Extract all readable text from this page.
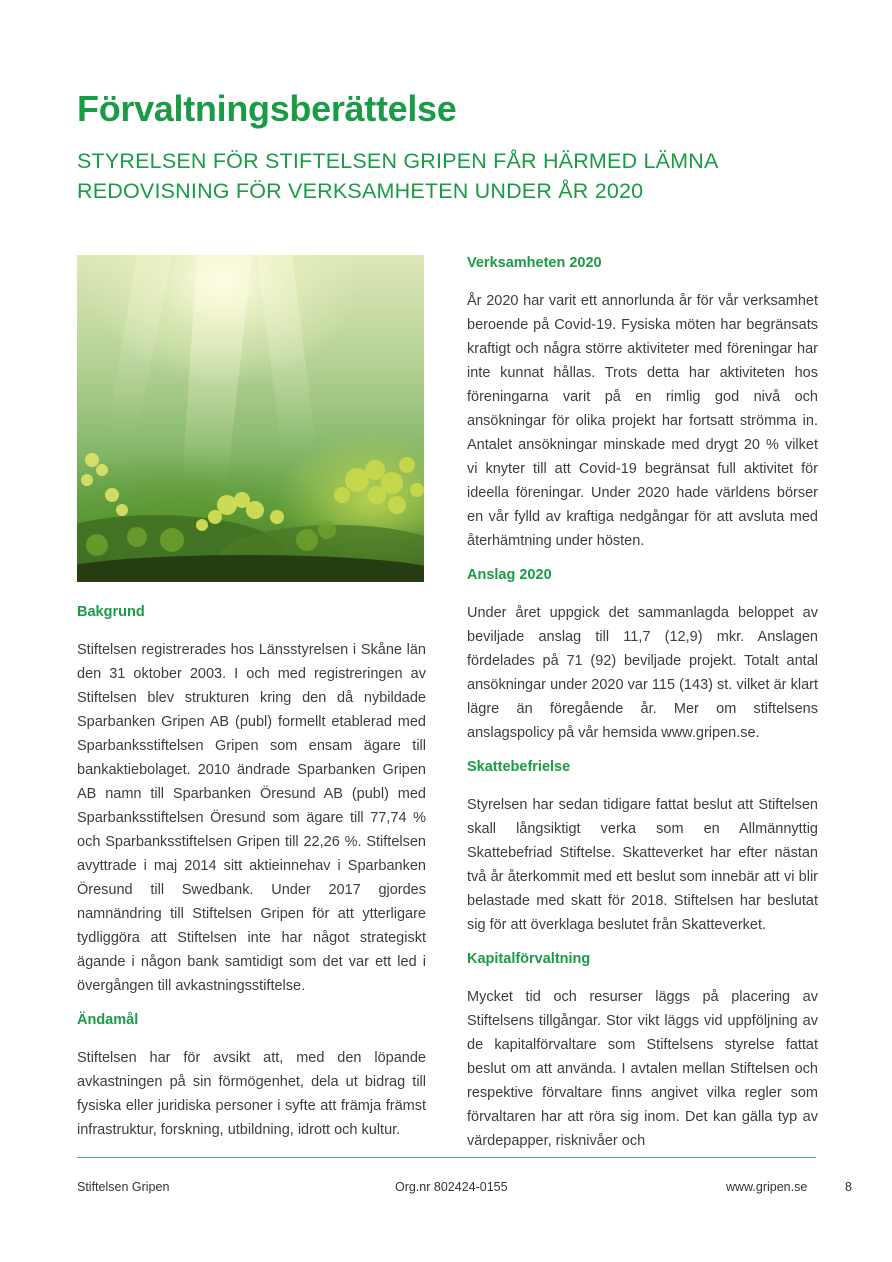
Förvaltningsberättelse
STYRELSEN FÖR STIFTELSEN GRIPEN FÅR HÄRMED LÄMNA REDOVISNING FÖR VERKSAMHETEN UNDER ÅR 2020
Bakgrund

Stiftelsen registrerades hos Länsstyrelsen i Skåne län den 31 oktober 2003. I och med registreringen av Stiftelsen blev strukturen kring den då nybildade Sparbanken Gripen AB (publ) formellt etablerad med Sparbanksstiftelsen Gripen som ensam ägare till bankaktiebolaget. 2010 ändrade Sparbanken Gripen AB namn till Sparbanken Öresund AB (publ) med Sparbanksstiftelsen Öresund som ägare till 77,74 % och Sparbanksstiftelsen Gripen till 22,26 %. Stiftelsen avyttrade i maj 2014 sitt aktieinnehav i Sparbanken Öresund till Swedbank. Under 2017 gjordes namnändring till Stiftelsen Gripen för att ytterligare tydliggöra att Stiftelsen inte har något strategiskt ägande i någon bank samtidigt som det var ett led i övergången till avkastningsstiftelse.

Ändamål

Stiftelsen har för avsikt att, med den löpande avkastningen på sin förmögenhet, dela ut bidrag till fysiska eller juridiska personer i syfte att främja främst infrastruktur, forskning, utbildning, idrott och kultur.

Verksamheten 2020

År 2020 har varit ett annorlunda år för vår verksamhet beroende på Covid-19. Fysiska möten har begränsats kraftigt och några större aktiviteter med föreningar har inte kunnat hållas. Trots detta har aktiviteten hos föreningarna varit på en rimlig god nivå och ansökningar för olika projekt har fortsatt strömma in. Antalet ansökningar minskade med drygt 20 % vilket vi knyter till att Covid-19 begränsat full aktivitet för ideella föreningar. Under 2020 hade världens börser en vår fylld av kraftiga nedgångar för att avsluta med återhämtning under hösten.

Anslag 2020

Under året uppgick det sammanlagda beloppet av beviljade anslag till 11,7 (12,9) mkr. Anslagen fördelades på 71 (92) beviljade projekt. Totalt antal ansökningar under 2020 var 115 (143) st. vilket är klart lägre än föregående år. Mer om stiftelsens anslagspolicy på vår hemsida www.gripen.se.

Skattebefrielse

Styrelsen har sedan tidigare fattat beslut att Stiftelsen skall långsiktigt verka som en Allmännyttig Skattebefriad Stiftelse. Skatteverket har efter nästan två år återkommit med ett beslut som innebär att vi blir belastade med skatt för 2018. Stiftelsen har beslutat sig för att överklaga beslutet från Skatteverket.

Kapitalförvaltning

Mycket tid och resurser läggs på placering av Stiftelsens tillgångar. Stor vikt läggs vid uppföljning av de kapitalförvaltare som Stiftelsens styrelse fattat beslut om att använda. I avtalen mellan Stiftelsen och respektive förvaltare finns angivet vilka regler som förvaltaren har att röra sig inom. Det kan gälla typ av värdepapper, risknivåer och

Stiftelsen Gripen	Org.nr 802424-0155	www.gripen.se	8
